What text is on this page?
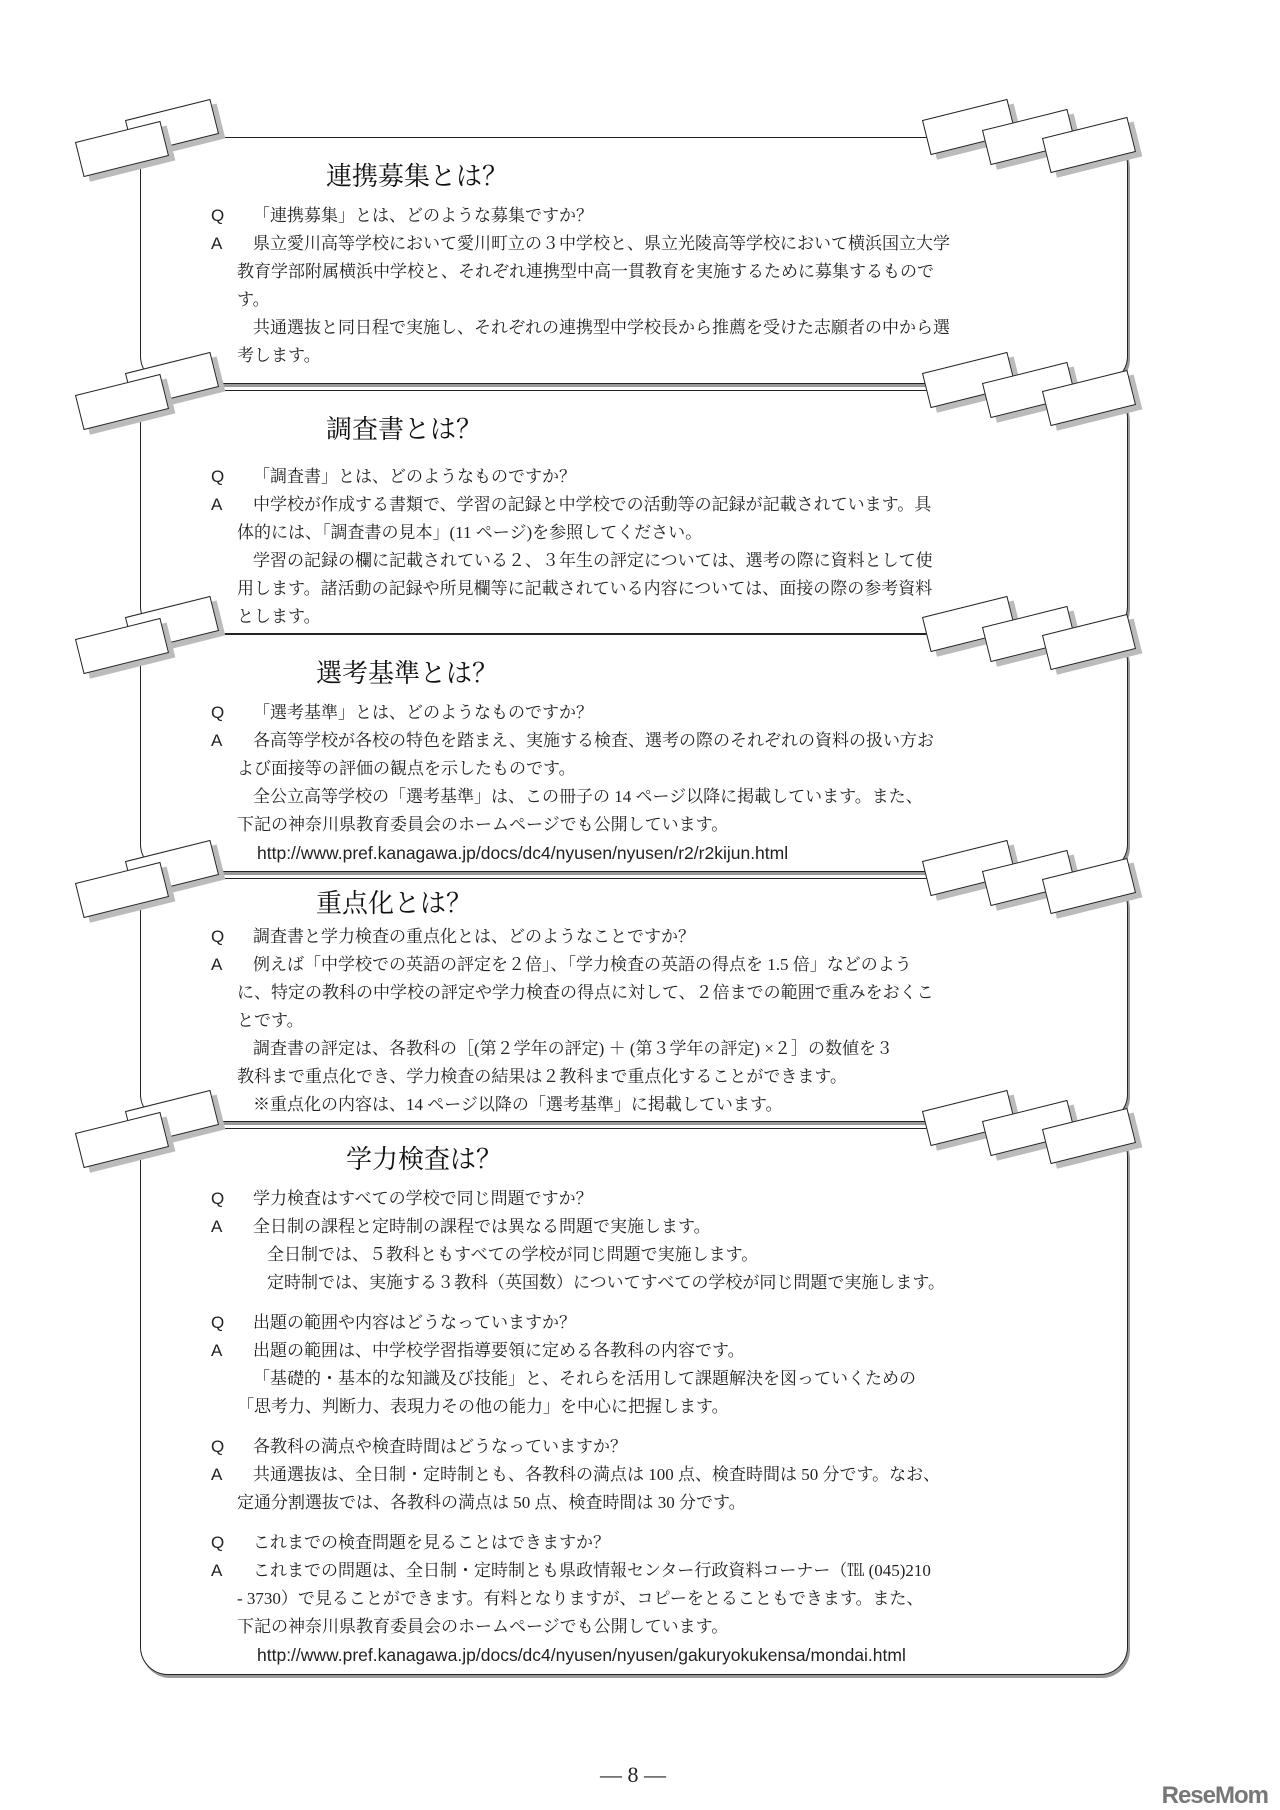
連携募集とは？
Q 「連携募集」とは、どのような募集ですか？
A 県立愛川高等学校において愛川町立の３中学校と、県立光陵高等学校において横浜国立大学
教育学部附属横浜中学校と、それぞれ連携型中高一貫教育を実施するために募集するもので
す。
共通選抜と同日程で実施し、それぞれの連携型中学校長から推薦を受けた志願者の中から選
考します。
調査書とは？
Q 「調査書」とは、どのようなものですか？
A 中学校が作成する書類で、学習の記録と中学校での活動等の記録が記載されています。具
体的には、「調査書の見本」(11 ページ)を参照してください。
学習の記録の欄に記載されている２、３年生の評定については、選考の際に資料として使
用します。諸活動の記録や所見欄等に記載されている内容については、面接の際の参考資料
とします。
選考基準とは？
Q 「選考基準」とは、どのようなものですか？
A 各高等学校が各校の特色を踏まえ、実施する検査、選考の際のそれぞれの資料の扱い方お
よび面接等の評価の観点を示したものです。
全公立高等学校の「選考基準」は、この冊子の 14 ページ以降に掲載しています。また、
下記の神奈川県教育委員会のホームページでも公開しています。
http://www.pref.kanagawa.jp/docs/dc4/nyusen/nyusen/r2/r2kijun.html
重点化とは？
Q 調査書と学力検査の重点化とは、どのようなことですか？
A 例えば「中学校での英語の評定を２倍」、「学力検査の英語の得点を 1.5 倍」などのよう
に、特定の教科の中学校の評定や学力検査の得点に対して、２倍までの範囲で重みをおくこ
とです。
調査書の評定は、各教科の［(第２学年の評定) ＋ (第３学年の評定) ×２］の数値を３
教科まで重点化でき、学力検査の結果は２教科まで重点化することができます。
※重点化の内容は、14 ページ以降の「選考基準」に掲載しています。
学力検査は？
Q 学力検査はすべての学校で同じ問題ですか？
A 全日制の課程と定時制の課程では異なる問題で実施します。
全日制では、５教科ともすべての学校が同じ問題で実施します。
定時制では、実施する３教科（英国数）についてすべての学校が同じ問題で実施します。
Q 出題の範囲や内容はどうなっていますか？
A 出題の範囲は、中学校学習指導要領に定める各教科の内容です。
「基礎的・基本的な知識及び技能」と、それらを活用して課題解決を図っていくための
「思考力、判断力、表現力その他の能力」を中心に把握します。
Q 各教科の満点や検査時間はどうなっていますか？
A 共通選抜は、全日制・定時制とも、各教科の満点は 100 点、検査時間は 50 分です。なお、
定通分割選抜では、各教科の満点は 50 点、検査時間は 30 分です。
Q これまでの検査問題を見ることはできますか？
A これまでの問題は、全日制・定時制とも県政情報センター行政資料コーナー（℡ (045)210
- 3730）で見ることができます。有料となりますが、コピーをとることもできます。また、
下記の神奈川県教育委員会のホームページでも公開しています。
http://www.pref.kanagawa.jp/docs/dc4/nyusen/nyusen/gakuryokukensa/mondai.html
— 8 —
ReseMom
